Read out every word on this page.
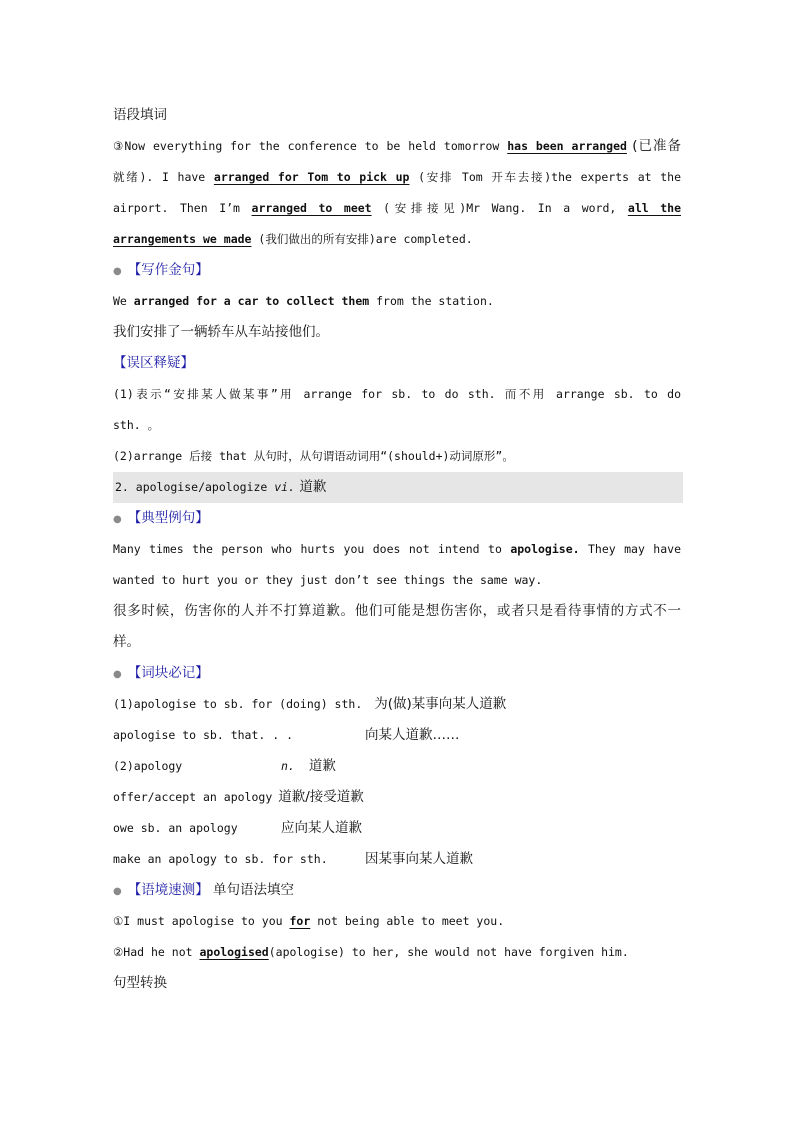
语段填词
③Now everything for the conference to be held tomorrow has been arranged (已准备
就绪). I have arranged for Tom to pick up (安排 Tom 开车去接)the experts at the
airport. Then I’m arranged to meet (安排接见)Mr Wang. In a word, all the
arrangements we made (我们做出的所有安排)are completed.
● 【写作金句】
We arranged for a car to collect them from the station.
我们安排了一辆轿车从车站接他们。
【误区释疑】
(1)表示“安排某人做某事”用 arrange for sb. to do sth. 而不用 arrange sb. to do
sth. 。
(2)arrange 后接 that 从句时，从句谓语动词用“(should+)动词原形”。
2. apologise/apologize vi. 道歉
● 【典型例句】
Many times the person who hurts you does not intend to apologise. They may have
wanted to hurt you or they just don’t see things the same way.
很多时候，伤害你的人并不打算道歉。他们可能是想伤害你，或者只是看待事情的方式不一
样。
● 【词块必记】
(1)apologise to sb. for (doing) sth. 为(做)某事向某人道歉
apologise to sb. that. . .	向某人道歉……
(2)apology	n. 道歉
offer/accept an apology 道歉/接受道歉
owe sb. an apology	应向某人道歉
make an apology to sb. for sth.	因某事向某人道歉
● 【语境速测】 单句语法填空
①I must apologise to you for not being able to meet you.
②Had he not apologised(apologise) to her, she would not have forgiven him.
句型转换
